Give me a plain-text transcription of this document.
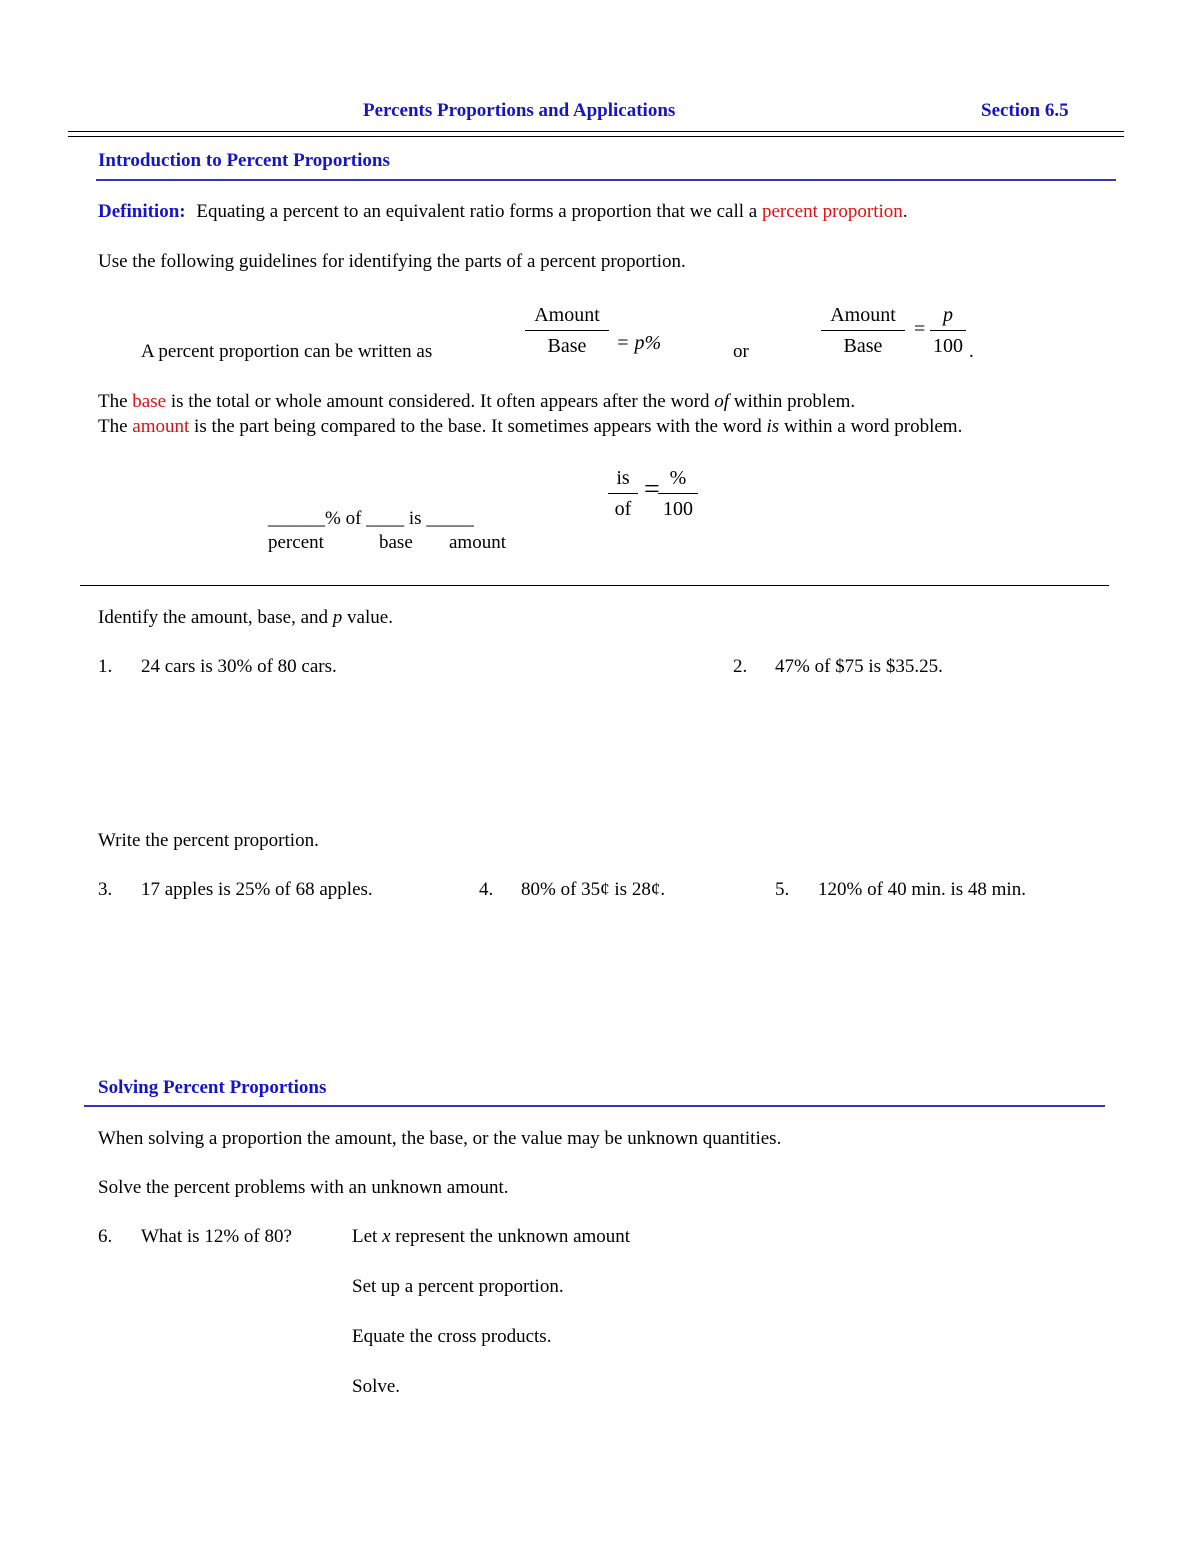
Percents Proportions and Applications	Section 6.5
Introduction to Percent Proportions
Definition: Equating a percent to an equivalent ratio forms a proportion that we call a percent proportion.
Use the following guidelines for identifying the parts of a percent proportion.
A percent proportion can be written as
Amount
Base	= p%	or
Amount
Base
=
p
100 .
The base is the total or whole amount considered. It often appears after the word of within problem.
The amount is the part being compared to the base. It sometimes appears with the word is within a word problem.
______% of ____ is _____
percent	base amount
is
of
= %
100
Identify the amount, base, and p value.
1. 24 cars is 30% of 80 cars.	2. 47% of $75 is $35.25.
Write the percent proportion.
3. 17 apples is 25% of 68 apples.	4. 80% of 35¢ is 28¢.	5. 120% of 40 min. is 48 min.
Solving Percent Proportions
When solving a proportion the amount, the base, or the value may be unknown quantities.
Solve the percent problems with an unknown amount.
6. What is 12% of 80?	Let x represent the unknown amount
Set up a percent proportion.
Equate the cross products.
Solve.
